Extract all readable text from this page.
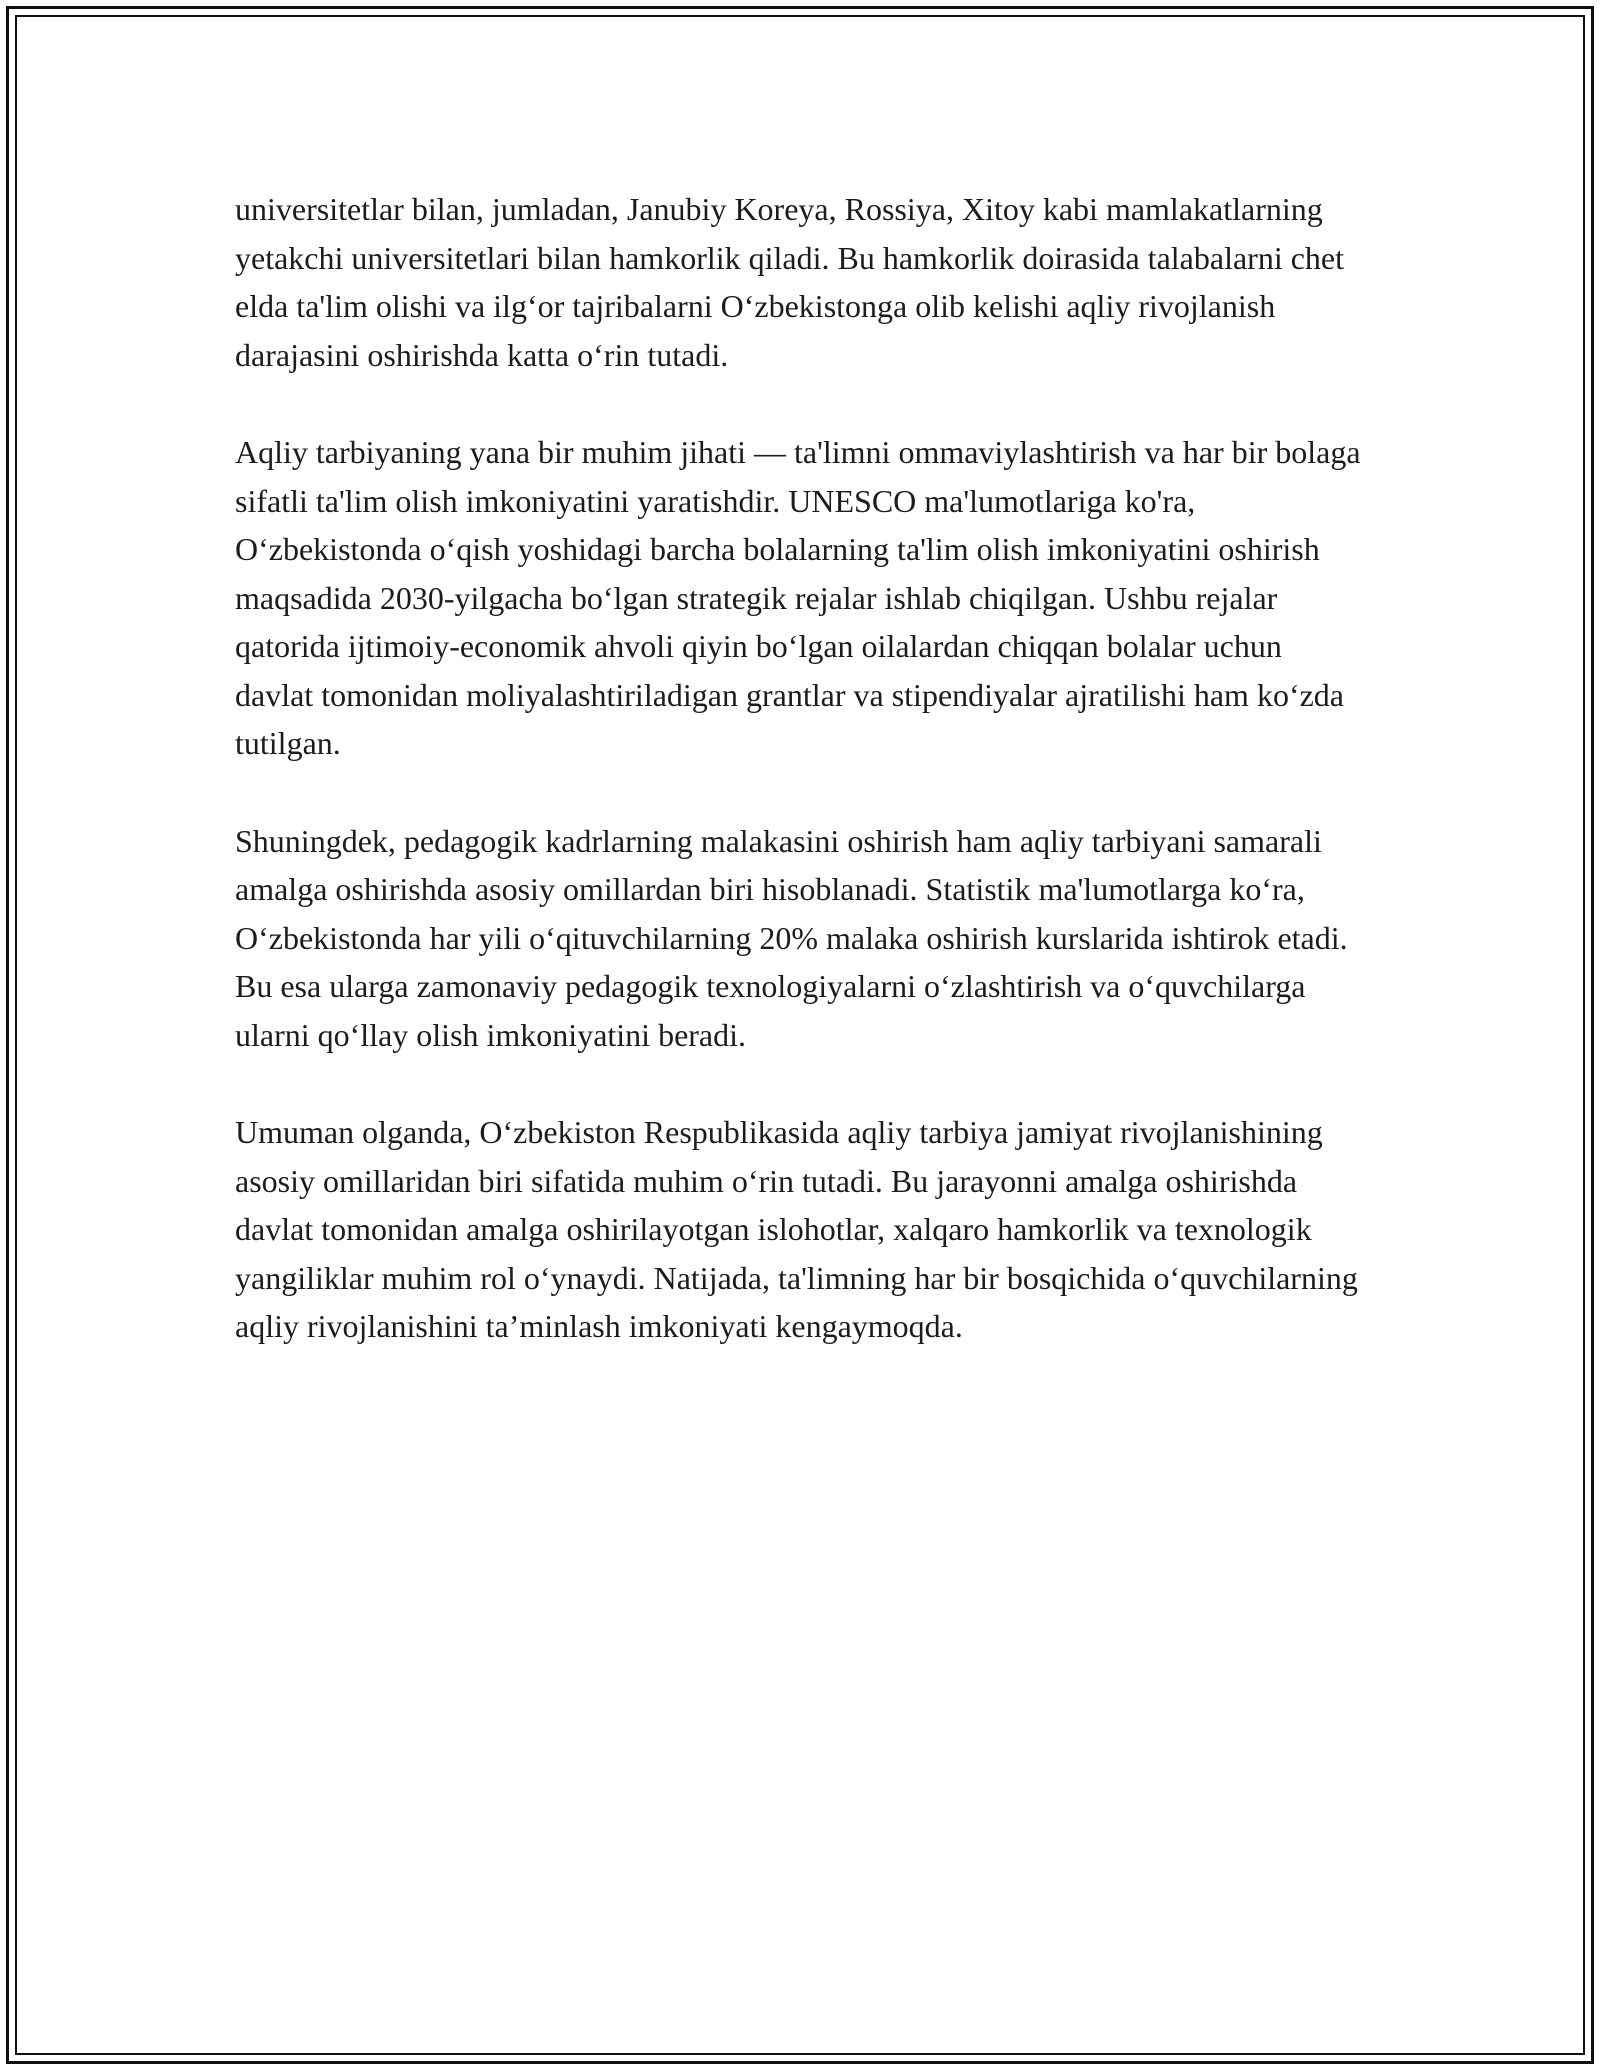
universitetlar bilan, jumladan, Janubiy Koreya, Rossiya, Xitoy kabi mamlakatlarning yetakchi universitetlari bilan hamkorlik qiladi. Bu hamkorlik doirasida talabalarni chet elda ta'lim olishi va ilg‘or tajribalarni O‘zbekistonga olib kelishi aqliy rivojlanish darajasini oshirishda katta o‘rin tutadi.

Aqliy tarbiyaning yana bir muhim jihati — ta'limni ommaviylashtirish va har bir bolaga sifatli ta'lim olish imkoniyatini yaratishdir. UNESCO ma'lumotlariga ko'ra, O‘zbekistonda o‘qish yoshidagi barcha bolalarning ta'lim olish imkoniyatini oshirish maqsadida 2030-yilgacha bo‘lgan strategik rejalar ishlab chiqilgan. Ushbu rejalar qatorida ijtimoiy-economik ahvoli qiyin bo‘lgan oilalardan chiqqan bolalar uchun davlat tomonidan moliyalashtiriladigan grantlar va stipendiyalar ajratilishi ham ko‘zda tutilgan.

Shuningdek, pedagogik kadrlarning malakasini oshirish ham aqliy tarbiyani samarali amalga oshirishda asosiy omillardan biri hisoblanadi. Statistik ma'lumotlarga ko‘ra, O‘zbekistonda har yili o‘qituvchilarning 20% malaka oshirish kurslarida ishtirok etadi. Bu esa ularga zamonaviy pedagogik texnologiyalarni o‘zlashtirish va o‘quvchilarga ularni qo‘llay olish imkoniyatini beradi.

Umuman olganda, O‘zbekiston Respublikasida aqliy tarbiya jamiyat rivojlanishining asosiy omillaridan biri sifatida muhim o‘rin tutadi. Bu jarayonni amalga oshirishda davlat tomonidan amalga oshirilayotgan islohotlar, xalqaro hamkorlik va texnologik yangiliklar muhim rol o‘ynaydi. Natijada, ta'limning har bir bosqichida o‘quvchilarning aqliy rivojlanishini ta’minlash imkoniyati kengaymoqda.
